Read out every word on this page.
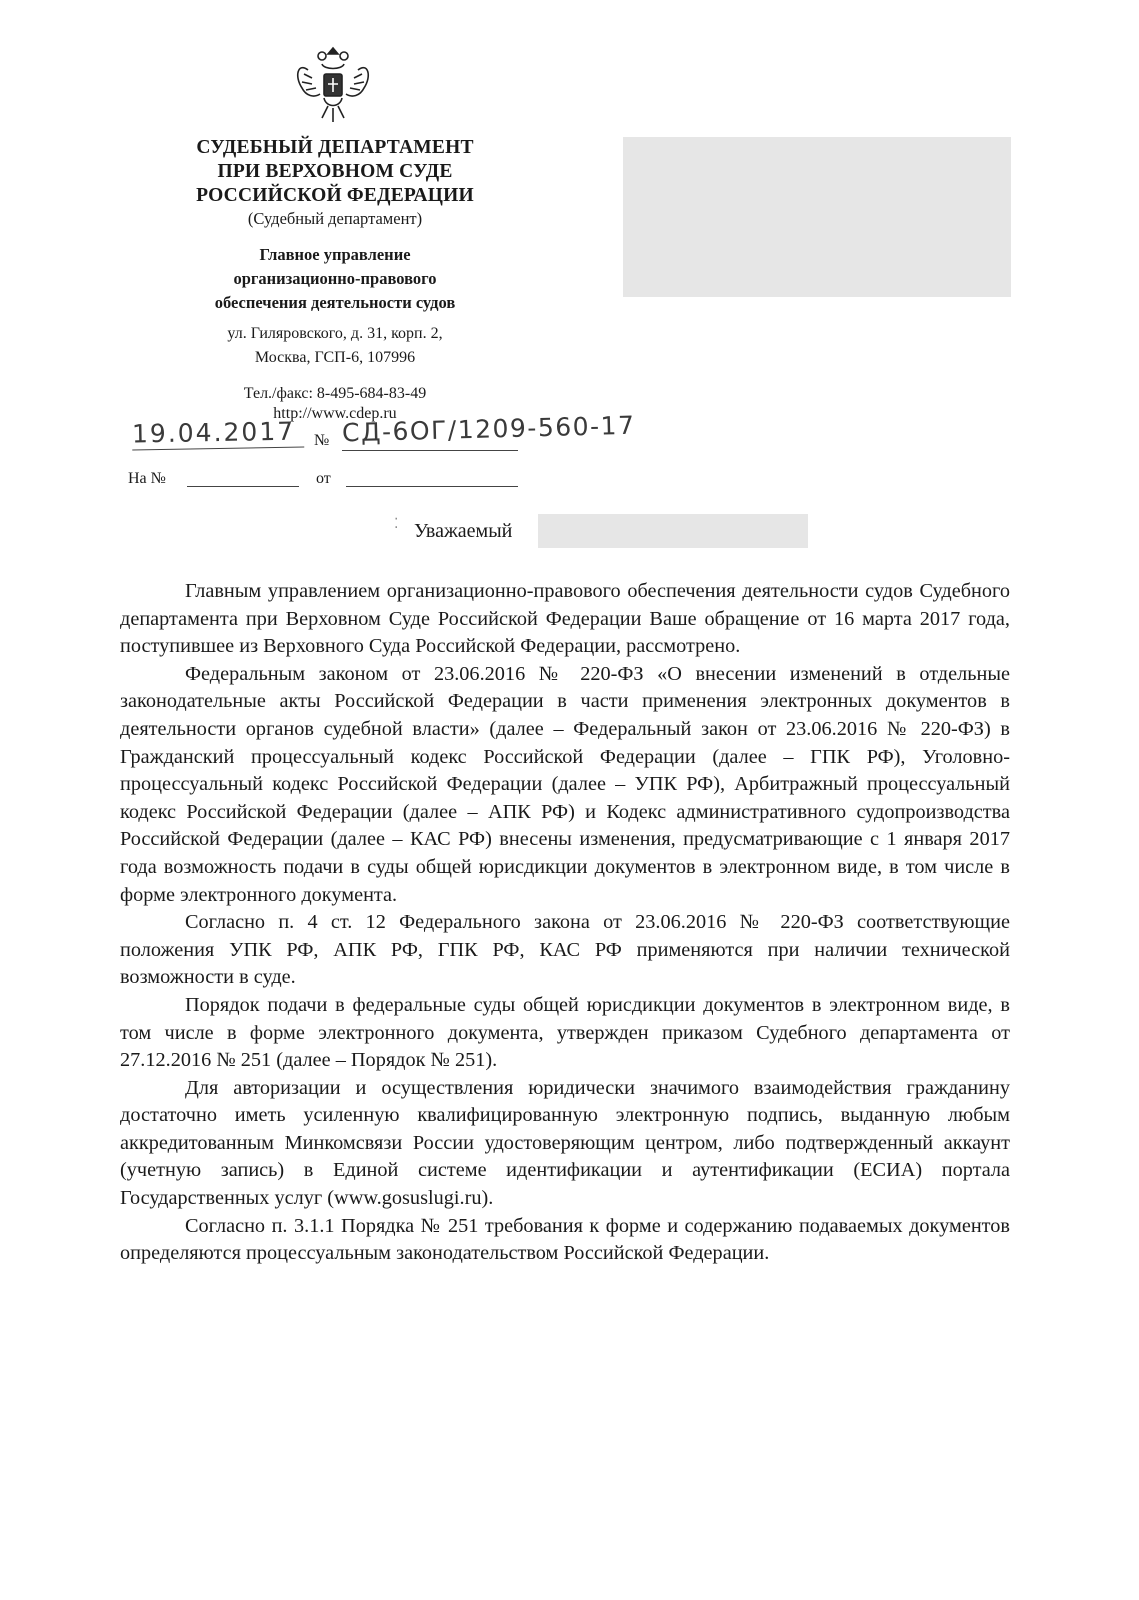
СУДЕБНЫЙ ДЕПАРТАМЕНТ
ПРИ ВЕРХОВНОМ СУДЕ
РОССИЙСКОЙ ФЕДЕРАЦИИ
(Судебный департамент)
Главное управление
организационно-правового
обеспечения деятельности судов
ул. Гиляровского, д. 31, корп. 2,
Москва, ГСП-6, 107996
Тел./факс: 8-495-684-83-49
http://www.cdep.ru
19.04.2017	№ СД-6ОГ/1209-560-17
На №	от
⁚ Уважаемый

Главным управлением организационно-правового обеспечения деятельности судов Судебного департамента при Верховном Суде Российской Федерации Ваше обращение от 16 марта 2017 года, поступившее из Верховного Суда Российской Федерации, рассмотрено.

Федеральным законом от 23.06.2016 № 220-ФЗ «О внесении изменений в отдельные законодательные акты Российской Федерации в части применения электронных документов в деятельности органов судебной власти» (далее – Федеральный закон от 23.06.2016 № 220-ФЗ) в Гражданский процессуальный кодекс Российской Федерации (далее – ГПК РФ), Уголовно-процессуальный кодекс Российской Федерации (далее – УПК РФ), Арбитражный процессуальный кодекс Российской Федерации (далее – АПК РФ) и Кодекс административного судопроизводства Российской Федерации (далее – КАС РФ) внесены изменения, предусматривающие с 1 января 2017 года возможность подачи в суды общей юрисдикции документов в электронном виде, в том числе в форме электронного документа.

Согласно п. 4 ст. 12 Федерального закона от 23.06.2016 № 220-ФЗ соответствующие положения УПК РФ, АПК РФ, ГПК РФ, КАС РФ применяются при наличии технической возможности в суде.

Порядок подачи в федеральные суды общей юрисдикции документов в электронном виде, в том числе в форме электронного документа, утвержден приказом Судебного департамента от 27.12.2016 № 251 (далее – Порядок № 251).

Для авторизации и осуществления юридически значимого взаимодействия гражданину достаточно иметь усиленную квалифицированную электронную подпись, выданную любым аккредитованным Минкомсвязи России удостоверяющим центром, либо подтвержденный аккаунт (учетную запись) в Единой системе идентификации и аутентификации (ЕСИА) портала Государственных услуг (www.gosuslugi.ru).

Согласно п. 3.1.1 Порядка № 251 требования к форме и содержанию подаваемых документов определяются процессуальным законодательством Российской Федерации.
